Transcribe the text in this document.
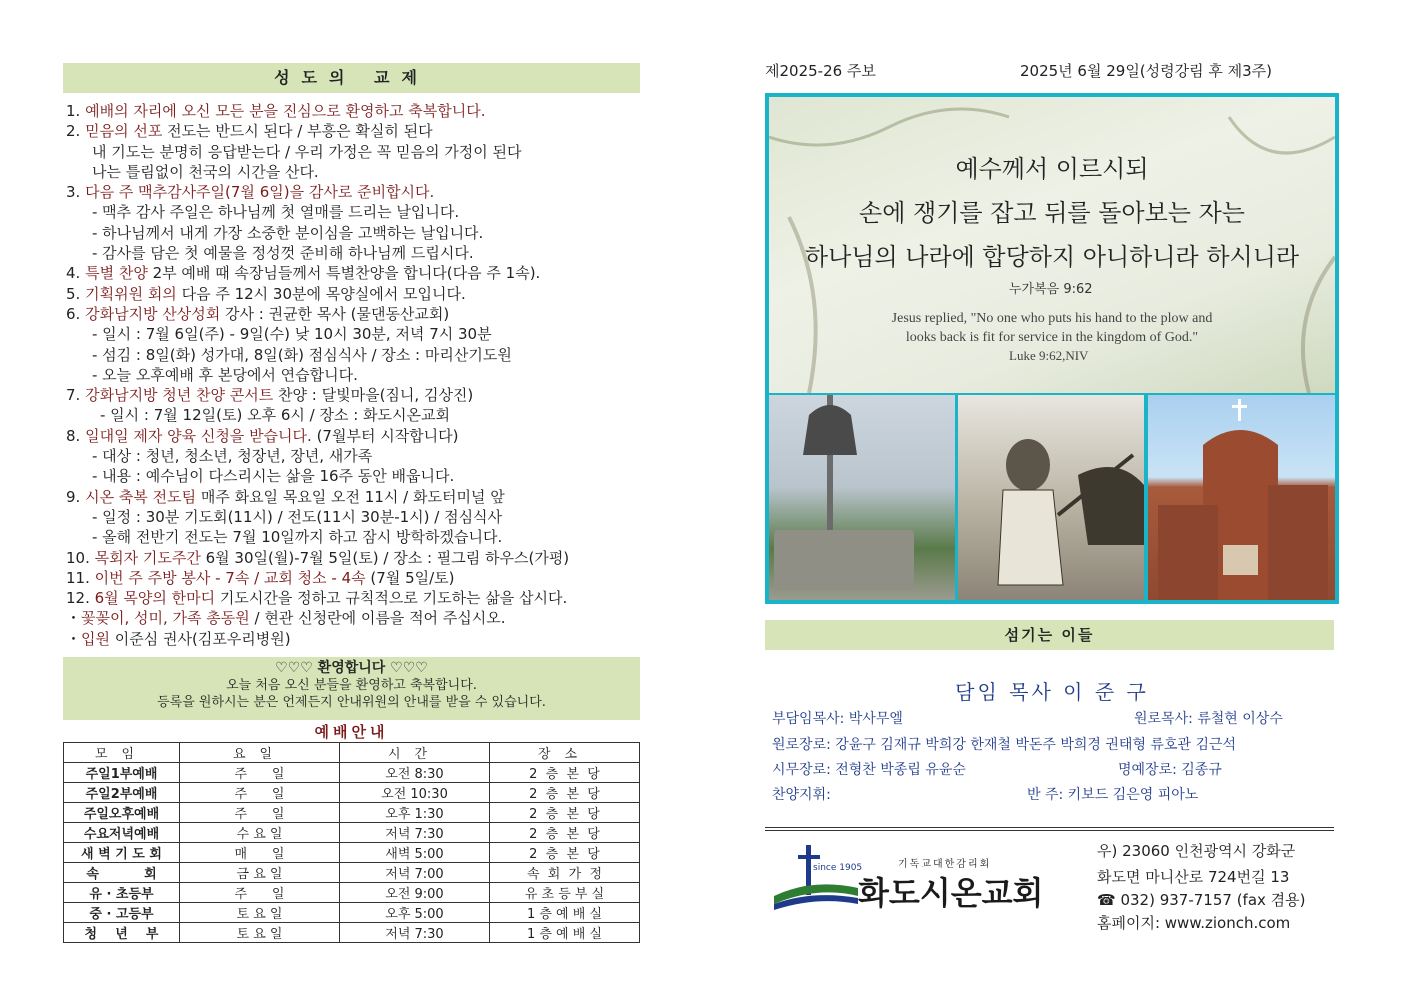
성도의 교제
1. 예배의 자리에 오신 모든 분을 진심으로 환영하고 축복합니다.
2. 믿음의 선포 전도는 반드시 된다 / 부흥은 확실히 된다
내 기도는 분명히 응답받는다 / 우리 가정은 꼭 믿음의 가정이 된다
나는 틀림없이 천국의 시간을 산다.
3. 다음 주 맥추감사주일(7월 6일)을 감사로 준비합시다.
- 맥추 감사 주일은 하나님께 첫 열매를 드리는 날입니다.
- 하나님께서 내게 가장 소중한 분이심을 고백하는 날입니다.
- 감사를 담은 첫 예물을 정성껏 준비해 하나님께 드립시다.
4. 특별 찬양 2부 예배 때 속장님들께서 특별찬양을 합니다(다음 주 1속).
5. 기획위원 회의 다음 주 12시 30분에 목양실에서 모입니다.
6. 강화남지방 산상성회 강사 : 권균한 목사 (물댄동산교회)
- 일시 : 7월 6일(주) - 9일(수) 낮 10시 30분, 저녁 7시 30분
- 섬김 : 8일(화) 성가대, 8일(화) 점심식사 / 장소 : 마리산기도원
- 오늘 오후예배 후 본당에서 연습합니다.
7. 강화남지방 청년 찬양 콘서트 찬양 : 달빛마을(짐니, 김상진)
- 일시 : 7월 12일(토) 오후 6시 / 장소 : 화도시온교회
8. 일대일 제자 양육 신청을 받습니다. (7월부터 시작합니다)
- 대상 : 청년, 청소년, 청장년, 장년, 새가족
- 내용 : 예수님이 다스리시는 삶을 16주 동안 배웁니다.
9. 시온 축복 전도팀 매주 화요일 목요일 오전 11시 / 화도터미널 앞
- 일정 : 30분 기도회(11시) / 전도(11시 30분-1시) / 점심식사
- 올해 전반기 전도는 7월 10일까지 하고 잠시 방학하겠습니다.
10. 목회자 기도주간 6월 30일(월)-7월 5일(토) / 장소 : 필그림 하우스(가평)
11. 이번 주 주방 봉사 - 7속 / 교회 청소 - 4속 (7월 5일/토)
12. 6월 목양의 한마디 기도시간을 정하고 규칙적으로 기도하는 삶을 삽시다.
・꽃꽂이, 성미, 가족 총동원 / 현관 신청란에 이름을 적어 주십시오.
・입원 이준심 권사(김포우리병원)
♡♡♡ 환영합니다 ♡♡♡
오늘 처음 오신 분들을 환영하고 축복합니다.
등록을 원하시는 분은 언제든지 안내위원의 안내를 받을 수 있습니다.
예배안내
모임	요일	시간	장소
주일1부예배	주      일	오전 8:30	2  층  본  당
주일2부예배	주      일	오전 10:30	2  층  본  당
주일오후예배	주      일	오후 1:30	2  층  본  당
수요저녁예배	수 요 일	저녁 7:30	2  층  본  당
새 벽 기 도 회	매      일	새벽 5:00	2  층  본  당
속          회	금 요 일	저녁 7:00	속  회  가  정
유 · 초등부	주      일	오전 9:00	유 초 등 부 실
중 · 고등부	토 요 일	오후 5:00	1 층 예 배 실
청    년    부	토 요 일	저녁 7:30	1 층 예 배 실
제2025-26 주보	2025년 6월 29일(성령강림 후 제3주)
예수께서 이르시되
손에 쟁기를 잡고 뒤를 돌아보는 자는
하나님의 나라에 합당하지 아니하니라 하시니라
누가복음 9:62
Jesus replied, "No one who puts his hand to the plow and
looks back is fit for service in the kingdom of God."
Luke 9:62,NIV
섬기는 이들
담임 목사 이 준 구
부담임목사: 박사무엘	원로목사: 류철현 이상수
원로장로: 강윤구 김재규 박희강 한재철 박돈주 박희경 권태형 류호관 김근석
시무장로: 전형찬 박종립 유윤순	명예장로: 김종규
찬양지휘:	반 주: 키보드 김은영 피아노
since 1905	기독교대한감리회
화도시온교회
우) 23060 인천광역시 강화군
화도면 마니산로 724번길 13
☎ 032) 937-7157 (fax 겸용)
홈페이지: www.zionch.com
